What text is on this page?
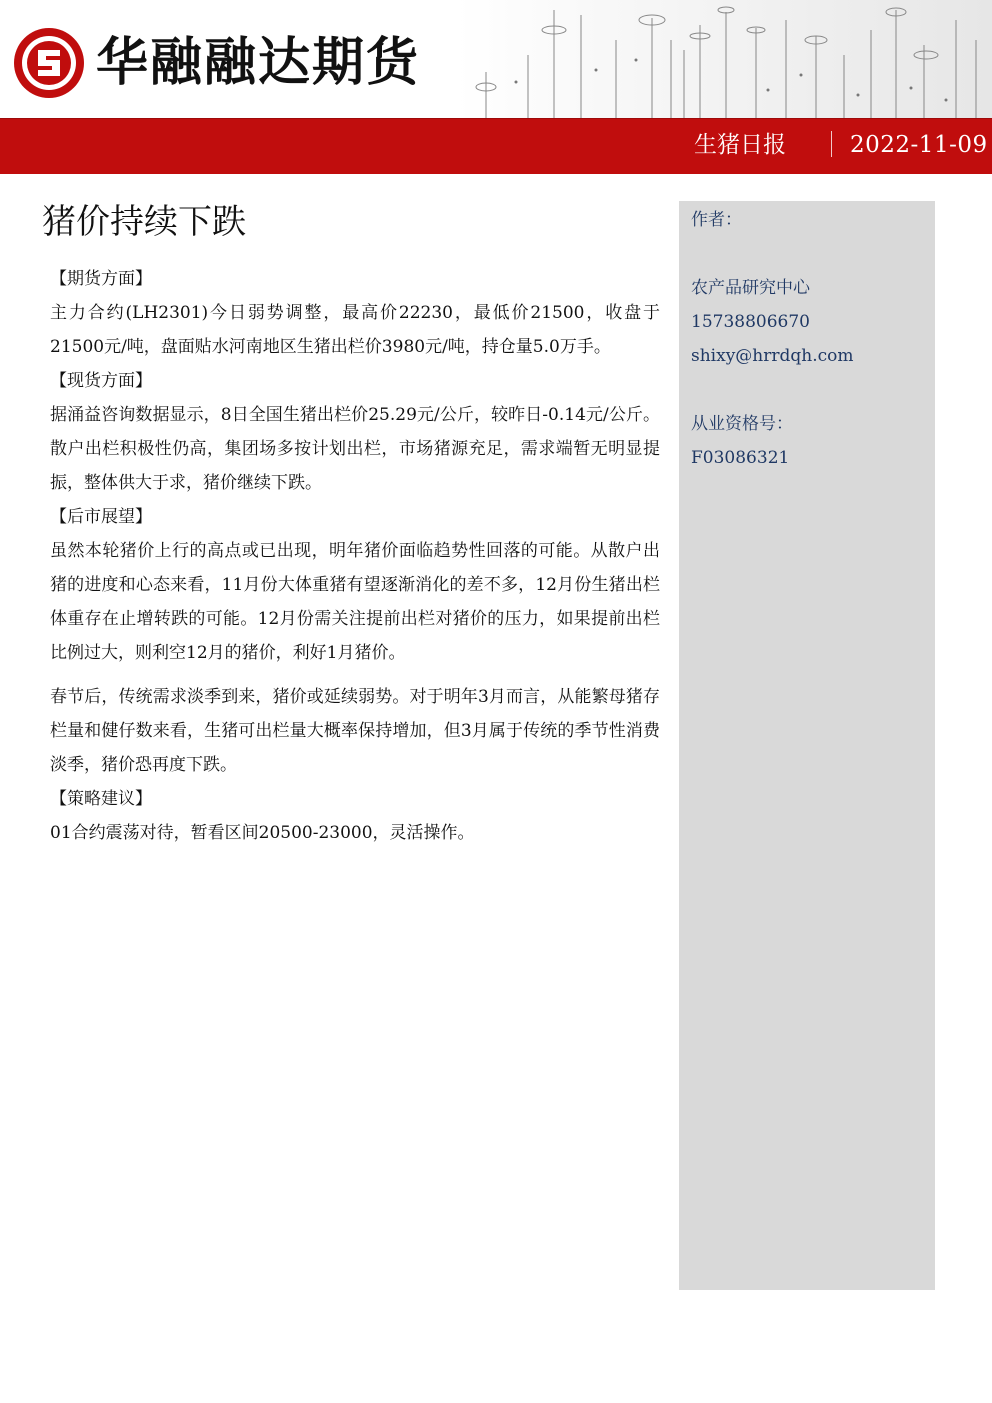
华融融达期货
生猪日报	2022-11-09
猪价持续下跌

【期货方面】

主力合约(LH2301)今日弱势调整，最高价22230，最低价21500，收盘于21500元/吨，盘面贴水河南地区生猪出栏价3980元/吨，持仓量5.0万手。

【现货方面】

据涌益咨询数据显示，8日全国生猪出栏价25.29元/公斤，较昨日-0.14元/公斤。散户出栏积极性仍高，集团场多按计划出栏，市场猪源充足，需求端暂无明显提振，整体供大于求，猪价继续下跌。

【后市展望】

虽然本轮猪价上行的高点或已出现，明年猪价面临趋势性回落的可能。从散户出猪的进度和心态来看，11月份大体重猪有望逐渐消化的差不多，12月份生猪出栏体重存在止增转跌的可能。12月份需关注提前出栏对猪价的压力，如果提前出栏比例过大，则利空12月的猪价，利好1月猪价。

春节后，传统需求淡季到来，猪价或延续弱势。对于明年3月而言，从能繁母猪存栏量和健仔数来看，生猪可出栏量大概率保持增加，但3月属于传统的季节性消费淡季，猪价恐再度下跌。

【策略建议】

01合约震荡对待，暂看区间20500-23000，灵活操作。

作者：
农产品研究中心
15738806670
shixy@hrrdqh.com
从业资格号：
F03086321
